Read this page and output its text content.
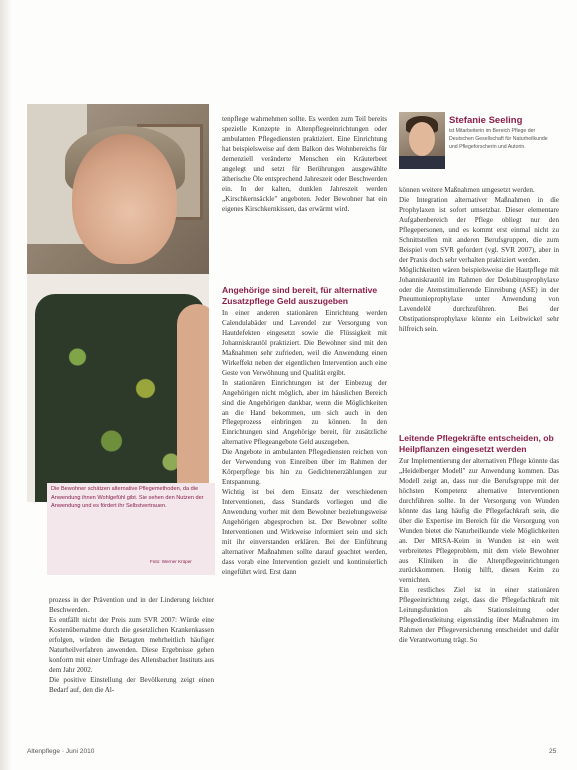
Die Bewohner schätzen alternative Pflegemethoden, da die Anwendung ihnen Wohlgefühl gibt. Sie sehen den Nutzen der Anwendung und es fördert ihr Selbstvertrauen.

Foto: Werner Krüper

Stefanie Seeling

ist Mitarbeiterin im Bereich Pflege der Deutschen Gesellschaft für Naturheilkunde und Pflegeforscherin und Autorin.

prozess in der Prävention und in der Linderung leichter Beschwerden.

Es entfällt nicht der Preis zum SVR 2007: Würde eine Kostenübernahme durch die gesetzlichen Krankenkassen erfolgen, würden die Betagten mehrheitlich häufiger Naturheilverfahren anwenden. Diese Ergebnisse gehen konform mit einer Umfrage des Allensbacher Instituts aus dem Jahr 2002.

Die positive Einstellung der Bevölkerung zeigt einen Bedarf auf, den die Al-

tenpflege wahrnehmen sollte. Es werden zum Teil bereits spezielle Konzepte in Altenpflegeeinrichtungen oder ambulanten Pflegediensten praktiziert. Eine Einrichtung hat beispielsweise auf dem Balkon des Wohnbereichs für demenziell veränderte Menschen ein Kräuterbeet angelegt und setzt für Berührungen ausgewählte ätherische Öle entsprechend Jahreszeit oder Beschwerden ein. In der kalten, dunklen Jahreszeit werden „Kirschkernsäckle" angeboten. Jeder Bewohner hat ein eigenes Kirschkernkissen, das erwärmt wird.

Angehörige sind bereit, für alternative Zusatzpflege Geld auszugeben

In einer anderen stationären Einrichtung werden Calendulabäder und Lavendel zur Versorgung von Hautdefekten eingesetzt sowie die Flüssigkeit mit Johanniskrautöl praktiziert. Die Bewohner sind mit den Maßnahmen sehr zufrieden, weil die Anwendung einen Wirkeffekt neben der eigentlichen Intervention auch eine Geste von Verwöhnung und Qualität ergibt.

In stationären Einrichtungen ist der Einbezug der Angehörigen nicht möglich, aber im häuslichen Bereich sind die Angehörigen dankbar, wenn die Möglichkeiten an die Hand bekommen, um sich auch in den Pflegeprozess einbringen zu können. In den Einrichtungen sind Angehörige bereit, für zusätzliche alternative Pflegeangebote Geld auszugeben.

Die Angebote in ambulanten Pflegediensten reichen von der Verwendung von Einreiben über im Rahmen der Körperpflege bis hin zu Gedichtenerzählungen zur Entspannung.

Wichtig ist bei dem Einsatz der verschiedenen Interventionen, dass Standards vorliegen und die Anwendung vorher mit dem Bewohner beziehungsweise Angehörigen abgesprochen ist. Der Bewohner sollte Interventionen und Wirkweise informiert sein und sich mit ihr einverstanden erklären. Bei der Einführung alternativer Maßnahmen sollte darauf geachtet werden, dass vorab eine Intervention gezielt und kontinuierlich eingeführt wird. Erst dann

können weitere Maßnahmen umgesetzt werden.

Die Integration alternativer Maßnahmen in die Prophylaxen ist sofort umsetzbar. Dieser elementare Aufgabenbereich der Pflege obliegt nur den Pflegepersonen, und es kommt erst einmal nicht zu Schnittstellen mit anderen Berufsgruppen, die zum Beispiel vom SVR gefordert (vgl. SVR 2007), aber in der Praxis doch sehr verhalten praktiziert werden.

Möglichkeiten wären beispielsweise die Hautpflege mit Johanniskrautöl im Rahmen der Dekubitusprophylaxe oder die Atemstimulierende Einreibung (ASE) in der Pneumonieprophylaxe unter Anwendung von Lavendelöl durchzuführen. Bei der Obstipationsprophylaxe könnte ein Leibwickel sehr hilfreich sein.

Leitende Pflegekräfte entscheiden, ob Heilpflanzen eingesetzt werden

Zur Implementierung der alternativen Pflege könnte das „Heidelberger Modell" zur Anwendung kommen. Das Modell zeigt an, dass nur die Berufsgruppe mit der höchsten Kompetenz alternative Interventionen durchführen sollte. In der Versorgung von Wunden könnte das lang häufig die Pflegefachkraft sein, die über die Expertise im Bereich für die Versorgung von Wunden bietet die Naturheilkunde viele Möglichkeiten an. Der MRSA-Keim in Wunden ist ein weit verbreitetes Pflegeproblem, mit dem viele Bewohner aus Kliniken in die Altenpflegeeinrichtungen zurückkommen. Honig hilft, diesen Keim zu vernichten.

Ein restliches Ziel ist in einer stationären Pflegeeinrichtung zeigt, dass die Pflegefachkraft mit Leitungsfunktion als Stationsleitung oder Pflegedienstleitung eigenständig über Maßnahmen im Rahmen der Pflegeversicherung entscheidet und dafür die Verantwortung trägt. So

Altenpflege · Juni 2010	25
